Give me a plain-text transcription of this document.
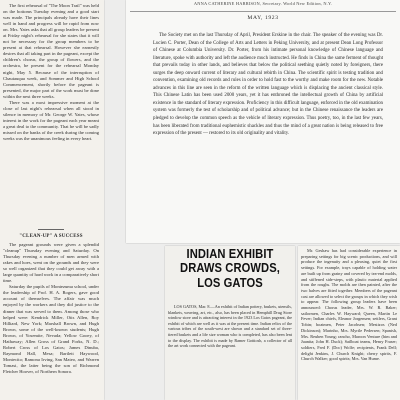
The first rehearsal of "The Moon Trail" was held on the bottoms Tuesday evening and a good start was made. The principals already have their lines well in hand and progress will be rapid from now on. Mrs. Yates asks that all group leaders be present at Friday night's rehearsal for she states that it will not be necessary for the group members to be present at that rehearsal. However she earnestly desires that all taking part in the pageant, except the children's chorus, the group of flowers, and the orchestra, be present for the rehearsal Monday night, May 5. Because of the interruption of Chautauqua week, and Sommer and High School Commencement, shortly before the pageant is presented, the major part of the work must be done within the next three weeks.

There was a most impressive moment at the close of last night's rehearsal when all stood in silence in memory of Mr. George W. Yates, whose interest in the work for the pageant each year meant a great deal to the community. That he will be sadly missed on the banks of the creek during the coming weeks was the unanimous feeling in every heart.

"CLEAN-UP" A SUCCESS

The pageant grounds were given a splendid "cleanup" Thursday evening and Saturday. On Thursday evening a number of men armed with rakes and hoes, went on the grounds and they were so well organized that they could get away with a large quantity of hard work in a comparatively short time.

Saturday the pupils of Montezuma school, under the leadership of Prof. H. A. Rogers, gave good account of themselves. The affair was much enjoyed by the workers and they did justice to the dinner that was served to them. Among those who helped were: Kendrick Miller, Otis Allen, Roy Hilliard, New York; Marshall Brown, and Hugh Brown, some of the well-known students; Hugh Brown, of Yosemite, Nevada; Yellow Gooey, of Hathaway; Allen Gross of Grand Forks, N. D.; Robert Cross of Los Gatos; James Dinuba, Raymond Hall, Mesa; Bartlett Haywood, Montecito; Ramona Irving, San Mateo, and Warren Tomasi, the latter being the son of Richmond Fletcher Hoover, of Northern Sonora.

ANNA CATHERINE HARRISON, Secretary. World New Edition, N.Y.
MAY, 1923

The Society met on the last Thursday of April, President Erskine in the chair. The speaker of the evening was Dr. Lucien C. Porter, Dean of the College of Arts and Letters in Peking University, and at present Dean Long Professor of Chinese at Columbia University. Dr. Porter, from his intimate personal knowledge of Chinese language and literature, spoke with authority and left the audience much instructed. He finds in China the same ferment of thought that prevails today in other lands, and believes that below the political seething quietly noted by foreigners, there surges the deep onward current of literary and cultural rebirth in China. The scientific spirit is testing tradition and convention, examining old records and rules in order to hold fast to the worthy and make room for the new. Notable advances in this line are seen in the reform of the written language which is displacing the ancient classical style. This Chinese Latin has been used 2000 years, yet it has enthroned the intellectual growth of China by artificial existence in the standard of literary expression. Proficiency in this difficult language, enforced in the old examination system was formerly the test of scholarship and of political advance; but in the Chinese renaissance the leaders are pledged to develop the common speech as the vehicle of literary expression. Thus poetry, too, in the last few years, has been liberated from traditional euphemistic shackles and thus the mind of a great nation is being released to free expression of the present — restored to its old originality and vitality.

INDIAN EXHIBIT DRAWS CROWDS, LOS GATOS

LOS GATOS, Mar. 8.—An exhibit of Indian pottery, baskets, utensils, blankets, weaving, art, etc., also, has been placed in Hemphill Drug Store window store and is attracting interest in the 1923 Los Gatos pageant, the exhibit of which are well as it was at the present time. Indian relics of the various tribes of the south-west are shown and a standard set of three-tiered baskets and a life size woman who is completed, has also been lent to the display. The exhibit is made by Ramer Gottiosh, a collector of all the art work connected with the pageant.

Mr. Geshaw has had considerable experience in preparing settings for big scenic productions, and will produce the ingenuity and a pleasing, quiet the first settings. For example, trays capable of holding water are built up from grainy and covered by tea-end molds, and stiffened side-steps, with plastic material applied from the roughs. The molds are then painted, after the two halves are fitted together. Members of the pageant cast are allowed to select the groups in which they wish to appear. The following group leaders have been announced: Chorus leader, Mrs. W. R. Baker; sailormen, Charles W. Hayward; Queen, Martin Le Fever; Indian chiefs, Eleanor Jorgensen; settlers, Grant Tobin; boatmen, Peter Jacobsen; Mestizos (Ned Dickinson); Marinho, Mrs. Myrtle Pedersen; Spanish, Mrs. Reuben Young; rancho, Maroon Venture (him and Juanita; John H. Duck); Sailboat teams, Henry Fraser; soldiers, Fred F. (Doc) Wolfe; recipients, Frank Dell; delight Jenkins, J. Church Knight; cherry spirits, F. Church Walker; good spirits; Mrs. Van Hume.
